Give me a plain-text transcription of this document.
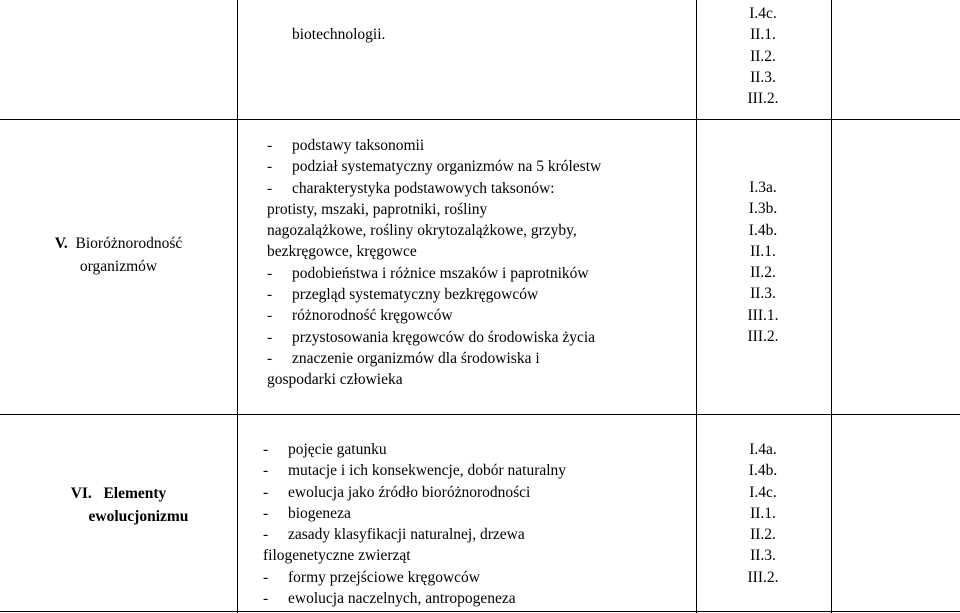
biotechnologii.
I.4c.
II.1.
II.2.
II.3.
III.2.
V. Bioróżnorodność
organizmów
- podstawy taksonomii
- podział systematyczny organizmów na 5 królestw
- charakterystyka podstawowych taksonów:
protisty, mszaki, paprotniki, rośliny
nagozalążkowe, rośliny okrytozalążkowe, grzyby,
bezkręgowce, kręgowce
- podobieństwa i różnice mszaków i paprotników
- przegląd systematyczny bezkręgowców
- różnorodność kręgowców
- przystosowania kręgowców do środowiska życia
- znaczenie organizmów dla środowiska i
gospodarki człowieka
I.3a.
I.3b.
I.4b.
II.1.
II.2.
II.3.
III.1.
III.2.
VI. Elementy
ewolucjonizmu
- pojęcie gatunku
- mutacje i ich konsekwencje, dobór naturalny
- ewolucja jako źródło bioróżnorodności
- biogeneza
- zasady klasyfikacji naturalnej, drzewa
filogenetyczne zwierząt
- formy przejściowe kręgowców
- ewolucja naczelnych, antropogeneza
I.4a.
I.4b.
I.4c.
II.1.
II.2.
II.3.
III.2.
